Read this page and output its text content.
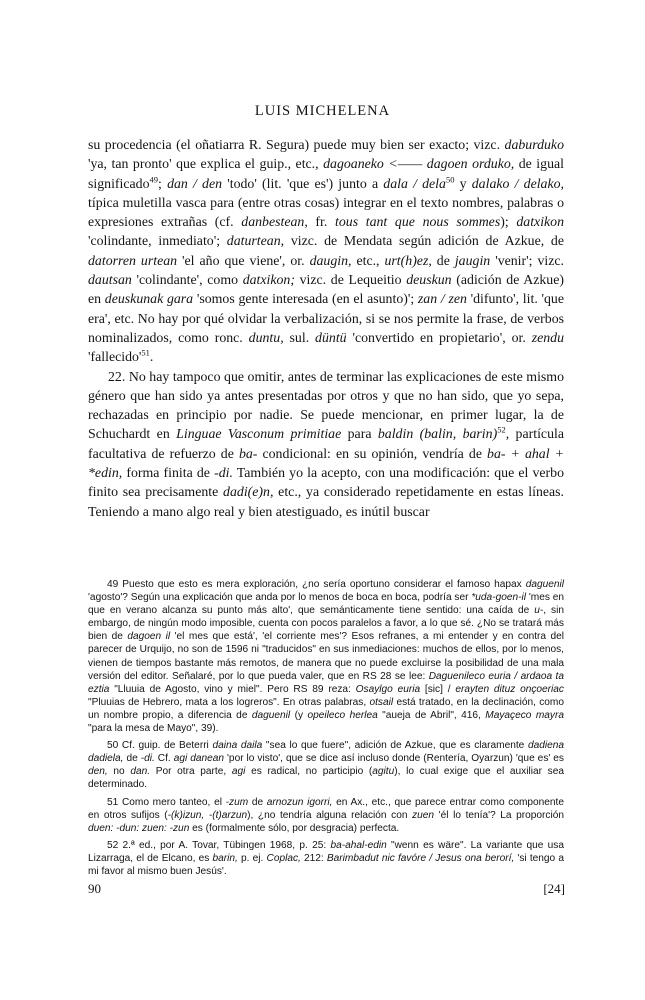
LUIS MICHELENA

su procedencia (el oñatiarra R. Segura) puede muy bien ser exacto; vizc. daburduko 'ya, tan pronto' que explica el guip., etc., dagoaneko <—— dagoen orduko, de igual significado$^{49}$; dan / den 'todo' (lit. 'que es') junto a dala / dela$^{50}$ y dalako / delako, típica muletilla vasca para (entre otras cosas) integrar en el texto nombres, palabras o expresiones extrañas (cf. danbestean, fr. tous tant que nous sommes); datxikon 'colindante, inmediato'; daturtean, vizc. de Mendata según adición de Azkue, de datorren urtean 'el año que viene', or. daugin, etc., urt(h)ez, de jaugin 'venir'; vizc. dautsan 'colindante', como datxikon; vizc. de Lequeitio deuskun (adición de Azkue) en deuskunak gara 'somos gente interesada (en el asunto)'; zan / zen 'difunto', lit. 'que era', etc. No hay por qué olvidar la verbalización, si se nos permite la frase, de verbos nominalizados, como ronc. duntu, sul. düntü 'convertido en propietario', or. zendu '$fallecido'^{51}$.

22. No hay tampoco que omitir, antes de terminar las explicaciones de este mismo género que han sido ya antes presentadas por otros y que no han sido, que yo sepa, rechazadas en principio por nadie. Se puede mencionar, en primer lugar, la de Schuchardt en Linguae Vasconum primitiae para baldin (balin, barin)$^{52}$, partícula facultativa de refuerzo de ba- condicional: en su opinión, vendría de ba- + ahal + *edin, forma finita de -di. También yo la acepto, con una modificación: que el verbo finito sea precisamente dadi(e)n, etc., ya considerado repetidamente en estas líneas. Teniendo a mano algo real y bien atestiguado, es inútil buscar

49 Puesto que esto es mera exploración, ¿no sería oportuno considerar el famoso hapax daguenil 'agosto'? Según una explicación que anda por lo menos de boca en boca, podría ser *uda-goen-il 'mes en que en verano alcanza su punto más alto', que semánticamente tiene sentido: una caída de u-, sin embargo, de ningún modo imposible, cuenta con pocos paralelos a favor, a lo que sé. ¿No se tratará más bien de dagoen il 'el mes que está', 'el corriente mes'? Esos refranes, a mi entender y en contra del parecer de Urquijo, no son de 1596 ni "traducidos" en sus inmediaciones: muchos de ellos, por lo menos, vienen de tiempos bastante más remotos, de manera que no puede excluirse la posibilidad de una mala versión del editor. Señalaré, por lo que pueda valer, que en RS 28 se lee: Daguenileco euria / ardaoa ta eztia "Lluuia de Agosto, vino y miel". Pero RS 89 reza: Osaylgo euria [sic] / erayten dituz onçoeriac "Pluuias de Hebrero, mata a los logreros". En otras palabras, otsail está tratado, en la declinación, como un nombre propio, a diferencia de daguenil (y opeileco herlea "aueja de Abril", 416, Mayaçeco mayra "para la mesa de Mayo", 39).

50 Cf. guip. de Beterri daina daila "sea lo que fuere", adición de Azkue, que es claramente dadiena dadiela, de -di. Cf. agi danean 'por lo visto', que se dice así incluso donde (Rentería, Oyarzun) 'que es' es den, no dan. Por otra parte, agi es radical, no participio (agitu), lo cual exige que el auxiliar sea determinado.

51 Como mero tanteo, el -zum de arnozun igorri, en Ax., etc., que parece entrar como componente en otros sufijos (-(k)izun, -(t)arzun), ¿no tendría alguna relación con zuen 'él lo tenía'? La proporción duen: -dun: zuen: -zun es (formalmente sólo, por desgracia) perfecta.

52 2.ª ed., por A. Tovar, Tübingen 1968, p. 25: ba-ahal-edin "wenn es wäre". La variante que usa Lizarraga, el de Elcano, es barin, p. ej. Coplac, 212: Barimbadut nic favóre / Jesus ona berorí, 'si tengo a mi favor al mismo buen Jesús'.

90	[24]
